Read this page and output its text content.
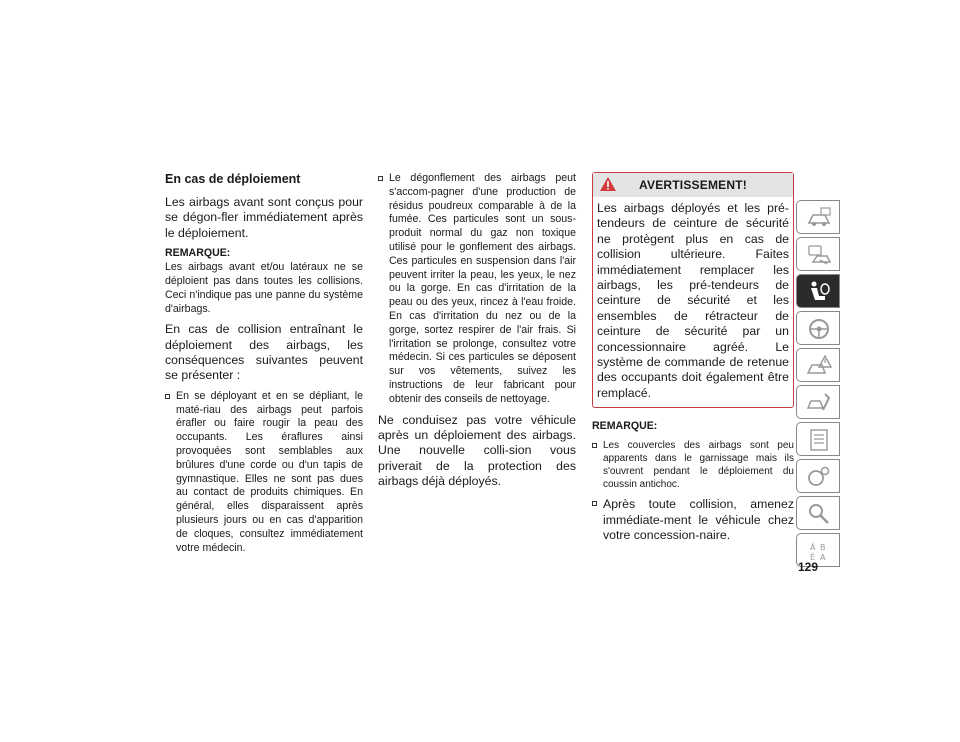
En cas de déploiement

Les airbags avant sont conçus pour se dégon-fler immédiatement après le déploiement.

REMARQUE:

Les airbags avant et/ou latéraux ne se déploient pas dans toutes les collisions. Ceci n'indique pas une panne du système d'airbags.

En cas de collision entraînant le déploiement des airbags, les conséquences suivantes peuvent se présenter :

En se déployant et en se dépliant, le maté-riau des airbags peut parfois érafler ou faire rougir la peau des occupants. Les éraflures ainsi provoquées sont semblables aux brûlures d'une corde ou d'un tapis de gymnastique. Elles ne sont pas dues au contact de produits chimiques. En général, elles disparaissent après plusieurs jours ou en cas d'apparition de cloques, consultez immédiatement votre médecin.
Le dégonflement des airbags peut s'accom-pagner d'une production de résidus poudreux comparable à de la fumée. Ces particules sont un sous-produit normal du gaz non toxique utilisé pour le gonflement des airbags. Ces particules en suspension dans l'air peuvent irriter la peau, les yeux, le nez ou la gorge. En cas d'irritation de la peau ou des yeux, rincez à l'eau froide. En cas d'irritation du nez ou de la gorge, sortez respirer de l'air frais. Si l'irritation se prolonge, consultez votre médecin. Si ces particules se déposent sur vos vêtements, suivez les instructions de leur fabricant pour obtenir des conseils de nettoyage.

Ne conduisez pas votre véhicule après un déploiement des airbags. Une nouvelle colli-sion vous priverait de la protection des airbags déjà déployés.

AVERTISSEMENT!
Les airbags déployés et les pré-tendeurs de ceinture de sécurité ne protègent plus en cas de collision ultérieure. Faites immédiatement remplacer les airbags, les pré-tendeurs de ceinture de sécurité et les ensembles de rétracteur de ceinture de sécurité par un concessionnaire agréé. Le système de commande de retenue des occupants doit également être remplacé.
REMARQUE:
Les couvercles des airbags sont peu apparents dans le garnissage mais ils s'ouvrent pendant le déploiement du coussin antichoc.
Après toute collision, amenez immédiate-ment le véhicule chez votre concession-naire.
Ä B
É A
129
